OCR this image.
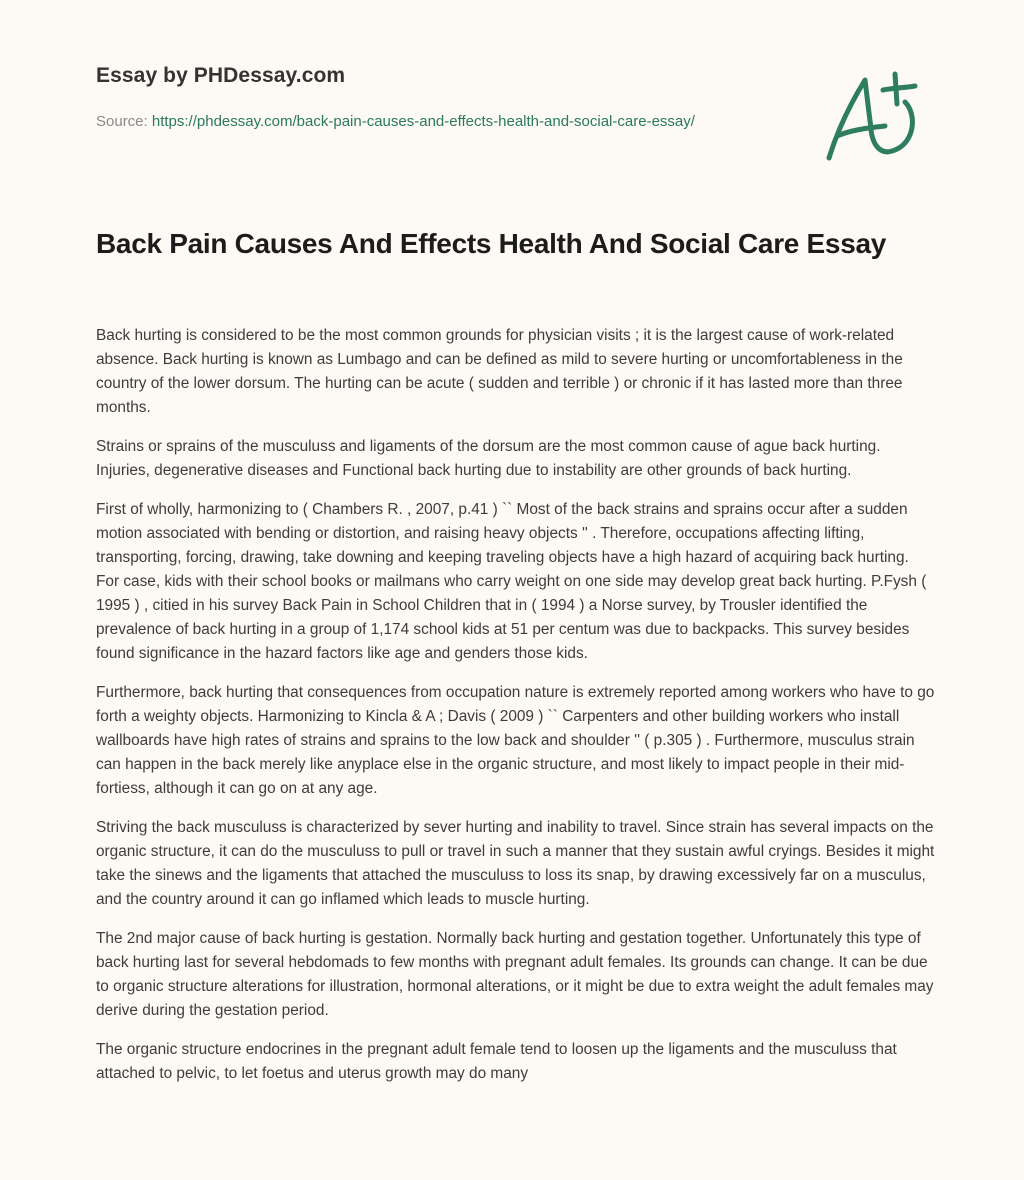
Essay by PHDessay.com
Source: https://phdessay.com/back-pain-causes-and-effects-health-and-social-care-essay/
Back Pain Causes And Effects Health And Social Care Essay

Back hurting is considered to be the most common grounds for physician visits ; it is the largest cause of work-related absence. Back hurting is known as Lumbago and can be defined as mild to severe hurting or uncomfortableness in the country of the lower dorsum. The hurting can be acute ( sudden and terrible ) or chronic if it has lasted more than three months.

Strains or sprains of the musculuss and ligaments of the dorsum are the most common cause of ague back hurting. Injuries, degenerative diseases and Functional back hurting due to instability are other grounds of back hurting.

First of wholly, harmonizing to ( Chambers R. , 2007, p.41 ) `` Most of the back strains and sprains occur after a sudden motion associated with bending or distortion, and raising heavy objects '' . Therefore, occupations affecting lifting, transporting, forcing, drawing, take downing and keeping traveling objects have a high hazard of acquiring back hurting. For case, kids with their school books or mailmans who carry weight on one side may develop great back hurting. P.Fysh ( 1995 ) , citied in his survey Back Pain in School Children that in ( 1994 ) a Norse survey, by Trousler identified the prevalence of back hurting in a group of 1,174 school kids at 51 per centum was due to backpacks. This survey besides found significance in the hazard factors like age and genders those kids.

Furthermore, back hurting that consequences from occupation nature is extremely reported among workers who have to go forth a weighty objects. Harmonizing to Kincla & A ; Davis ( 2009 ) `` Carpenters and other building workers who install wallboards have high rates of strains and sprains to the low back and shoulder '' ( p.305 ) . Furthermore, musculus strain can happen in the back merely like anyplace else in the organic structure, and most likely to impact people in their mid-fortiess, although it can go on at any age.

Striving the back musculuss is characterized by sever hurting and inability to travel. Since strain has several impacts on the organic structure, it can do the musculuss to pull or travel in such a manner that they sustain awful cryings. Besides it might take the sinews and the ligaments that attached the musculuss to loss its snap, by drawing excessively far on a musculus, and the country around it can go inflamed which leads to muscle hurting.

The 2nd major cause of back hurting is gestation. Normally back hurting and gestation together. Unfortunately this type of back hurting last for several hebdomads to few months with pregnant adult females. Its grounds can change. It can be due to organic structure alterations for illustration, hormonal alterations, or it might be due to extra weight the adult females may derive during the gestation period.

The organic structure endocrines in the pregnant adult female tend to loosen up the ligaments and the musculuss that attached to pelvic, to let foetus and uterus growth may do many
